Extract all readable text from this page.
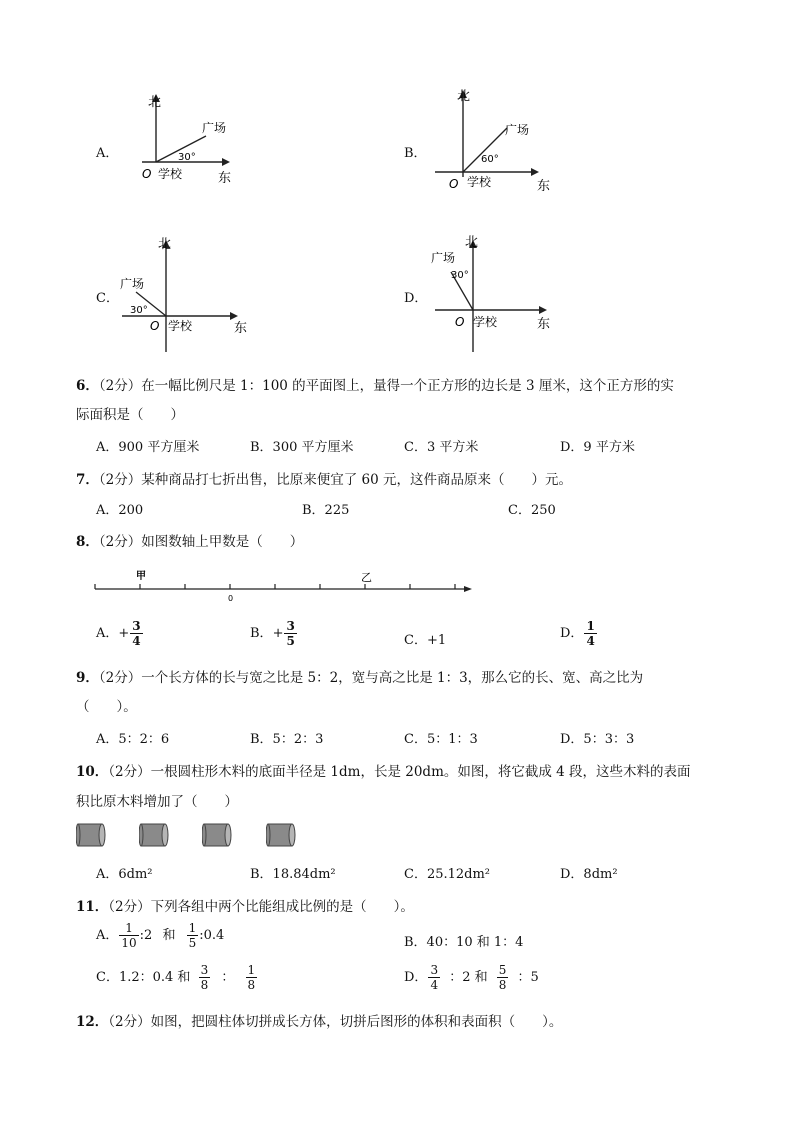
A．
北
东
O 学校
广场
30°	B．
北
东
O 学校
广场
60°
C．
北
东
O 学校
广场
30°
D．
北
东
O 学校
广场
30°
6．（2分）在一幅比例尺是 1：100 的平面图上，量得一个正方形的边长是 3 厘米，这个正方形的实
际面积是（　　）
A．900 平方厘米	B．300 平方厘米	C．3 平方米	D．9 平方米
7．（2分）某种商品打七折出售，比原来便宜了 60 元，这件商品原来（　　）元。
A．200	B．225	C．250
8．（2分）如图数轴上甲数是（　　）
甲	乙
0
A．+ $\frac{3}{4}$	B．+ $\frac{3}{5}$	C．+1	D． $\frac{1}{4}$
9．（2分）一个长方体的长与宽之比是 5：2，宽与高之比是 1：3，那么它的长、宽、高之比为
（　　）。
A．5：2：6	B．5：2：3	C．5：1：3	D．5：3：3
10．（2分）一根圆柱形木料的底面半径是 1dm，长是 20dm。如图，将它截成 4 段，这些木料的表面
积比原木料增加了（　　）
A．6dm²	B．18.84dm²	C．25.12dm²	D．8dm²
11．（2分）下列各组中两个比能组成比例的是（　　）。
A． $\frac{1}{10}$ :2 和 $\frac{1}{5}$ :0.4	B．40：10 和 1：4
C．1.2：0.4 和 $\frac{3}{8}$ ： $\frac{1}{8}$	D． $\frac{3}{4}$ ：2 和 $\frac{5}{8}$ ：5
12．（2分）如图，把圆柱体切拼成长方体，切拼后图形的体积和表面积（　　）。
